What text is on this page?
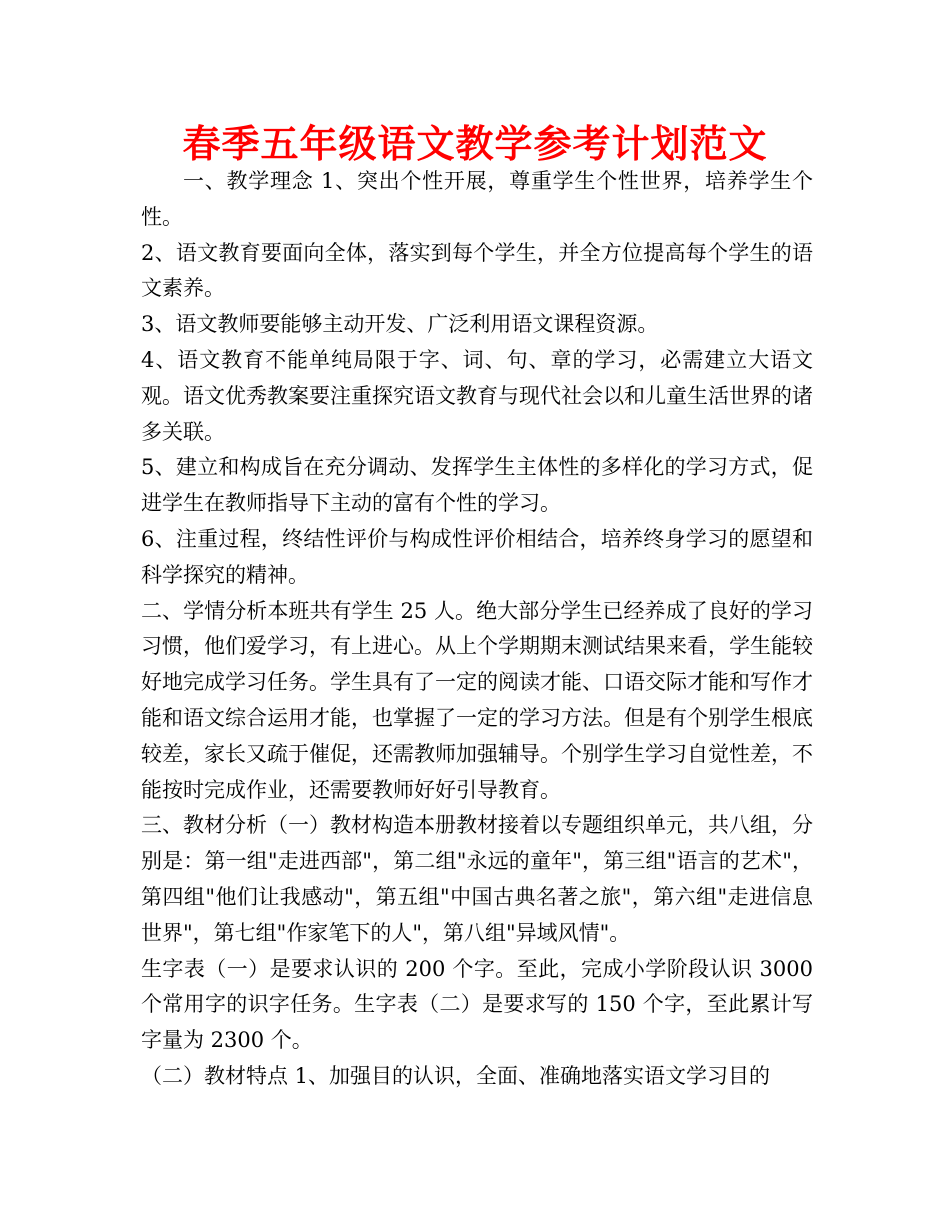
春季五年级语文教学参考计划范文

一、教学理念 1、突出个性开展，尊重学生个性世界，培养学生个性。

2、语文教育要面向全体，落实到每个学生，并全方位提高每个学生的语文素养。

3、语文教师要能够主动开发、广泛利用语文课程资源。

4、语文教育不能单纯局限于字、词、句、章的学习，必需建立大语文观。语文优秀教案要注重探究语文教育与现代社会以和儿童生活世界的诸多关联。

5、建立和构成旨在充分调动、发挥学生主体性的多样化的学习方式，促进学生在教师指导下主动的富有个性的学习。

6、注重过程，终结性评价与构成性评价相结合，培养终身学习的愿望和科学探究的精神。

二、学情分析本班共有学生 25 人。绝大部分学生已经养成了良好的学习习惯，他们爱学习，有上进心。从上个学期期末测试结果来看，学生能较好地完成学习任务。学生具有了一定的阅读才能、口语交际才能和写作才能和语文综合运用才能，也掌握了一定的学习方法。但是有个别学生根底较差，家长又疏于催促，还需教师加强辅导。个别学生学习自觉性差，不能按时完成作业，还需要教师好好引导教育。

三、教材分析（一）教材构造本册教材接着以专题组织单元，共八组，分别是：第一组"走进西部"，第二组"永远的童年"，第三组"语言的艺术"，第四组"他们让我感动"，第五组"中国古典名著之旅"，第六组"走进信息世界"，第七组"作家笔下的人"，第八组"异域风情"。

生字表（一）是要求认识的 200 个字。至此，完成小学阶段认识 3000 个常用字的识字任务。生字表（二）是要求写的 150 个字，至此累计写字量为 2300 个。

（二）教材特点 1、加强目的认识，全面、准确地落实语文学习目的
